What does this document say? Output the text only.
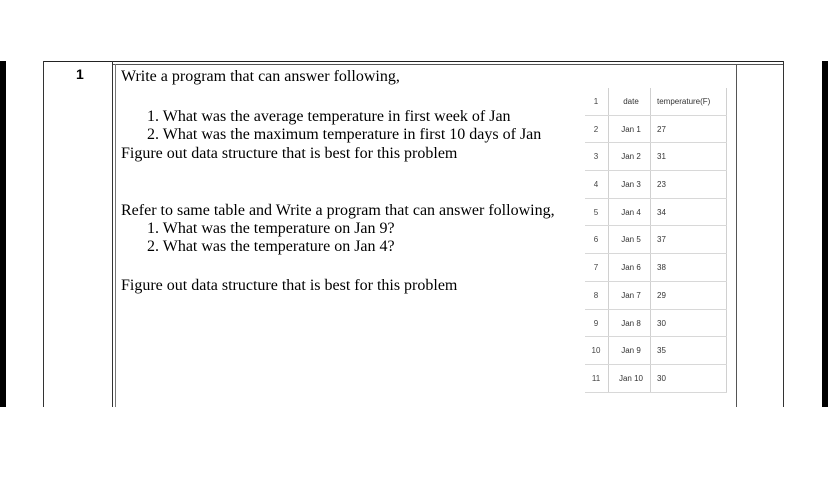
1 Write a program that can answer following,
1. What was the average temperature in first week of Jan
2. What was the maximum temperature in first 10 days of Jan
Figure out data structure that is best for this problem
Refer to same table and Write a program that can answer following,
1. What was the temperature on Jan 9?
2. What was the temperature on Jan 4?
Figure out data structure that is best for this problem
1	date	temperature(F)
2	Jan 1	27
3	Jan 2	31
4	Jan 3	23
5	Jan 4	34
6	Jan 5	37
7	Jan 6	38
8	Jan 7	29
9	Jan 8	30
10	Jan 9	35
11	Jan 10	30
